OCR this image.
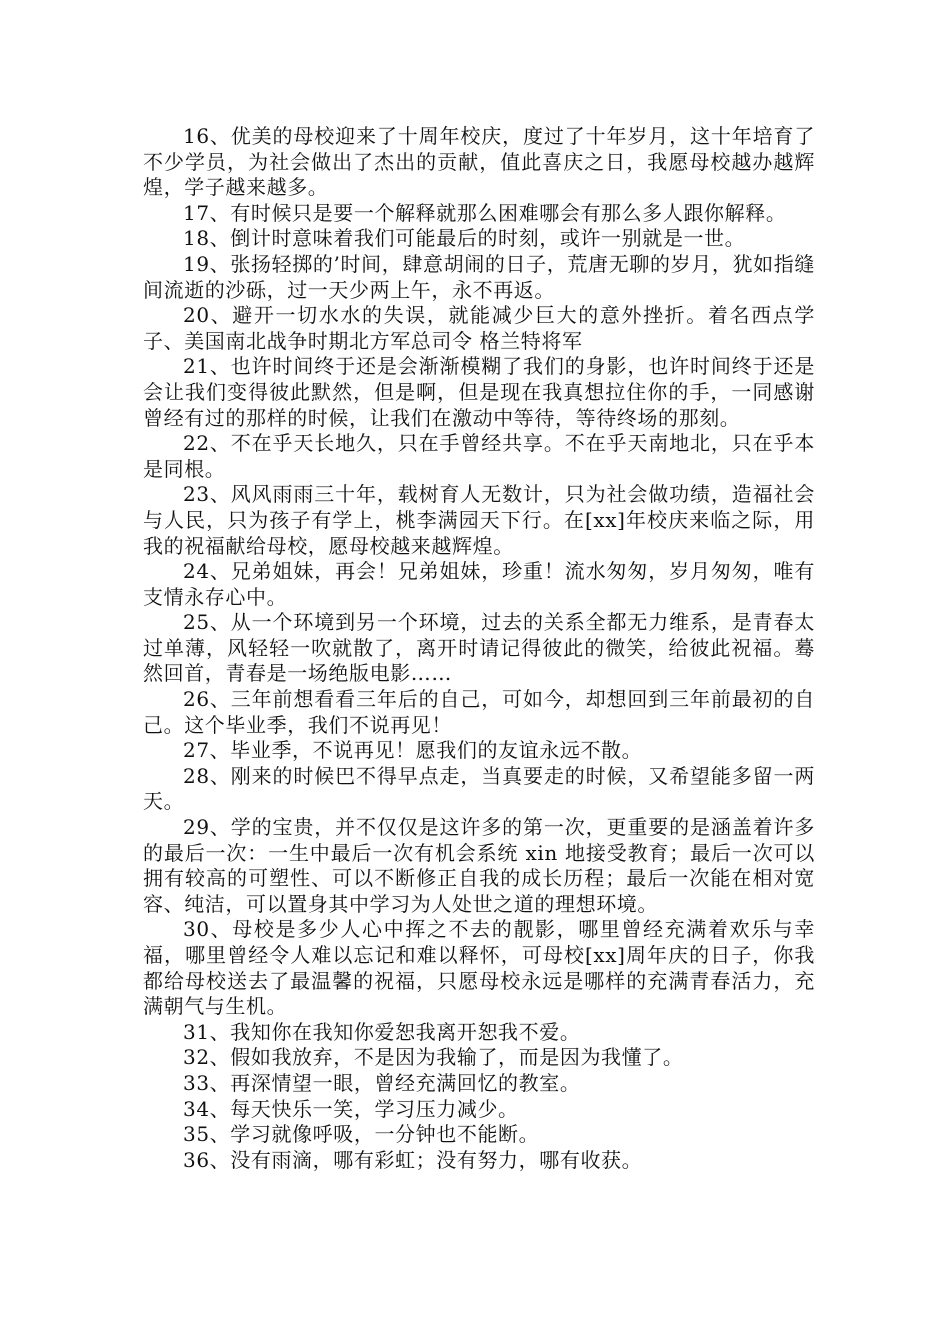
16、优美的母校迎来了十周年校庆，度过了十年岁月，这十年培育了不少学员，为社会做出了杰出的贡献，值此喜庆之日，我愿母校越办越辉煌，学子越来越多。

17、有时候只是要一个解释就那么困难哪会有那么多人跟你解释。

18、倒计时意味着我们可能最后的时刻，或许一别就是一世。

19、张扬轻掷的’时间，肆意胡闹的日子，荒唐无聊的岁月，犹如指缝间流逝的沙砾，过一天少两上午，永不再返。

20、避开一切水水的失误，就能减少巨大的意外挫折。着名西点学子、美国南北战争时期北方军总司令 格兰特将军

21、也许时间终于还是会渐渐模糊了我们的身影，也许时间终于还是会让我们变得彼此默然，但是啊，但是现在我真想拉住你的手，一同感谢曾经有过的那样的时候，让我们在激动中等待，等待终场的那刻。

22、不在乎天长地久，只在手曾经共享。不在乎天南地北，只在乎本是同根。

23、风风雨雨三十年，载树育人无数计，只为社会做功绩，造福社会与人民，只为孩子有学上，桃李满园天下行。在[xx]年校庆来临之际，用我的祝福献给母校，愿母校越来越辉煌。

24、兄弟姐妹，再会！兄弟姐妹，珍重！流水匆匆，岁月匆匆，唯有支情永存心中。

25、从一个环境到另一个环境，过去的关系全都无力维系，是青春太过单薄，风轻轻一吹就散了，离开时请记得彼此的微笑，给彼此祝福。蓦然回首，青春是一场绝版电影……

26、三年前想看看三年后的自己，可如今，却想回到三年前最初的自己。这个毕业季，我们不说再见！

27、毕业季，不说再见！愿我们的友谊永远不散。

28、刚来的时候巴不得早点走，当真要走的时候，又希望能多留一两天。

29、学的宝贵，并不仅仅是这许多的第一次，更重要的是涵盖着许多的最后一次：一生中最后一次有机会系统 xin 地接受教育；最后一次可以拥有较高的可塑性、可以不断修正自我的成长历程；最后一次能在相对宽容、纯洁，可以置身其中学习为人处世之道的理想环境。

30、母校是多少人心中挥之不去的靓影，哪里曾经充满着欢乐与幸福，哪里曾经令人难以忘记和难以释怀，可母校[xx]周年庆的日子，你我都给母校送去了最温馨的祝福，只愿母校永远是哪样的充满青春活力，充满朝气与生机。

31、我知你在我知你爱恕我离开恕我不爱。

32、假如我放弃，不是因为我输了，而是因为我懂了。

33、再深情望一眼，曾经充满回忆的教室。

34、每天快乐一笑，学习压力减少。

35、学习就像呼吸，一分钟也不能断。

36、没有雨滴，哪有彩虹；没有努力，哪有收获。
